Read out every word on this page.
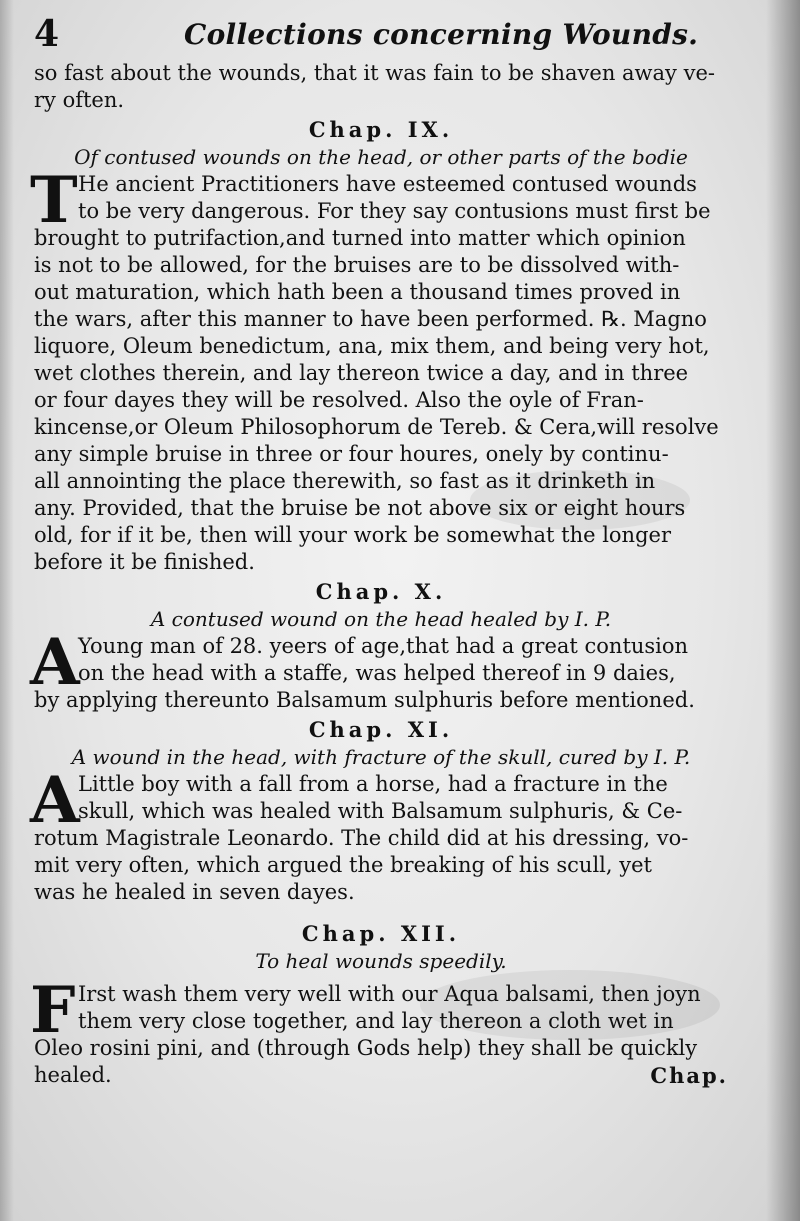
4	Collections concerning Wounds.
so fast about the wounds, that it was fain to be shaven away ve-
ry often.
Chap. IX.
Of contused wounds on the head, or other parts of the bodie
T He ancient Practitioners have esteemed contused wounds
to be very dangerous. For they say contusions must first be
brought to putrifaction,and turned into matter which opinion
is not to be allowed, for the bruises are to be dissolved with-
out maturation, which hath been a thousand times proved in
the wars, after this manner to have been performed. ℞. Magno
liquore, Oleum benedictum, ana, mix them, and being very hot,
wet clothes therein, and lay thereon twice a day, and in three
or four dayes they will be resolved. Also the oyle of Fran-
kincense,or Oleum Philosophorum de Tereb. & Cera,will resolve
any simple bruise in three or four houres, onely by continu-
all annointing the place therewith, so fast as it drinketh in
any. Provided, that the bruise be not above six or eight hours
old, for if it be, then will your work be somewhat the longer
before it be finished.
Chap. X.
A contused wound on the head healed by I. P.
A
Young man of 28. yeers of age,that had a great contusion
on the head with a staffe, was helped thereof in 9 daies,
by applying thereunto Balsamum sulphuris before mentioned.
Chap. XI.
A wound in the head, with fracture of the skull, cured by I. P.
A
Little boy with a fall from a horse, had a fracture in the
skull, which was healed with Balsamum sulphuris, & Ce-
rotum Magistrale Leonardo. The child did at his dressing, vo-
mit very often, which argued the breaking of his scull, yet
was he healed in seven dayes.
Chap. XII.
To heal wounds speedily.
F Irst wash them very well with our Aqua balsami, then joyn
them very close together, and lay thereon a cloth wet in
Oleo rosini pini, and (through Gods help) they shall be quickly
healed.	Chap.
